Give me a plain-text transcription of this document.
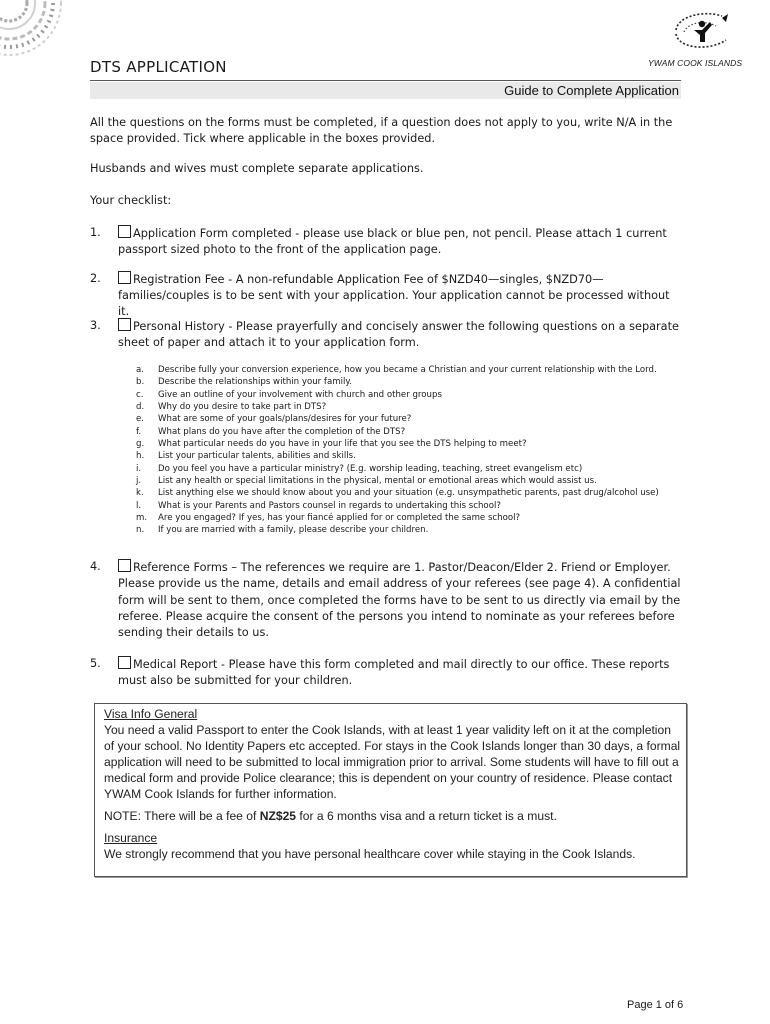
YWAM COOK ISLANDS
DTS APPLICATION
Guide to Complete Application
All the questions on the forms must be completed, if a question does not apply to you, write N/A in the space provided. Tick where applicable in the boxes provided.
Husbands and wives must complete separate applications.
Your checklist:
1.	Application Form completed - please use black or blue pen, not pencil. Please attach 1 current passport sized photo to the front of the application page.
2.	Registration Fee - A non-refundable Application Fee of $NZD40—singles, $NZD70— families/couples is to be sent with your application. Your application cannot be processed without it.
3.	Personal History - Please prayerfully and concisely answer the following questions on a separate sheet of paper and attach it to your application form.
a.	Describe fully your conversion experience, how you became a Christian and your current relationship with the Lord.
b.	Describe the relationships within your family.
c.	Give an outline of your involvement with church and other groups
d.	Why do you desire to take part in DTS?
e.	What are some of your goals/plans/desires for your future?
f.	What plans do you have after the completion of the DTS?
g.	What particular needs do you have in your life that you see the DTS helping to meet?
h.	List your particular talents, abilities and skills.
i.	Do you feel you have a particular ministry? (E.g. worship leading, teaching, street evangelism etc)
j.	List any health or special limitations in the physical, mental or emotional areas which would assist us.
k.	List anything else we should know about you and your situation (e.g. unsympathetic parents, past drug/alcohol use)
l.	What is your Parents and Pastors counsel in regards to undertaking this school?
m.	Are you engaged? If yes, has your fiancé applied for or completed the same school?
n.	If you are married with a family, please describe your children.
4.	Reference Forms – The references we require are 1. Pastor/Deacon/Elder 2. Friend or Employer. Please provide us the name, details and email address of your referees (see page 4). A confidential form will be sent to them, once completed the forms have to be sent to us directly via email by the referee. Please acquire the consent of the persons you intend to nominate as your referees before sending their details to us.
5.	Medical Report - Please have this form completed and mail directly to our office. These reports must also be submitted for your children.
Visa Info General
You need a valid Passport to enter the Cook Islands, with at least 1 year validity left on it at the completion of your school. No Identity Papers etc accepted. For stays in the Cook Islands longer than 30 days, a formal application will need to be submitted to local immigration prior to arrival. Some students will have to fill out a medical form and provide Police clearance; this is dependent on your country of residence. Please contact YWAM Cook Islands for further information.
NOTE: There will be a fee of NZ$25 for a 6 months visa and a return ticket is a must.
Insurance
We strongly recommend that you have personal healthcare cover while staying in the Cook Islands.
Page 1 of 6
